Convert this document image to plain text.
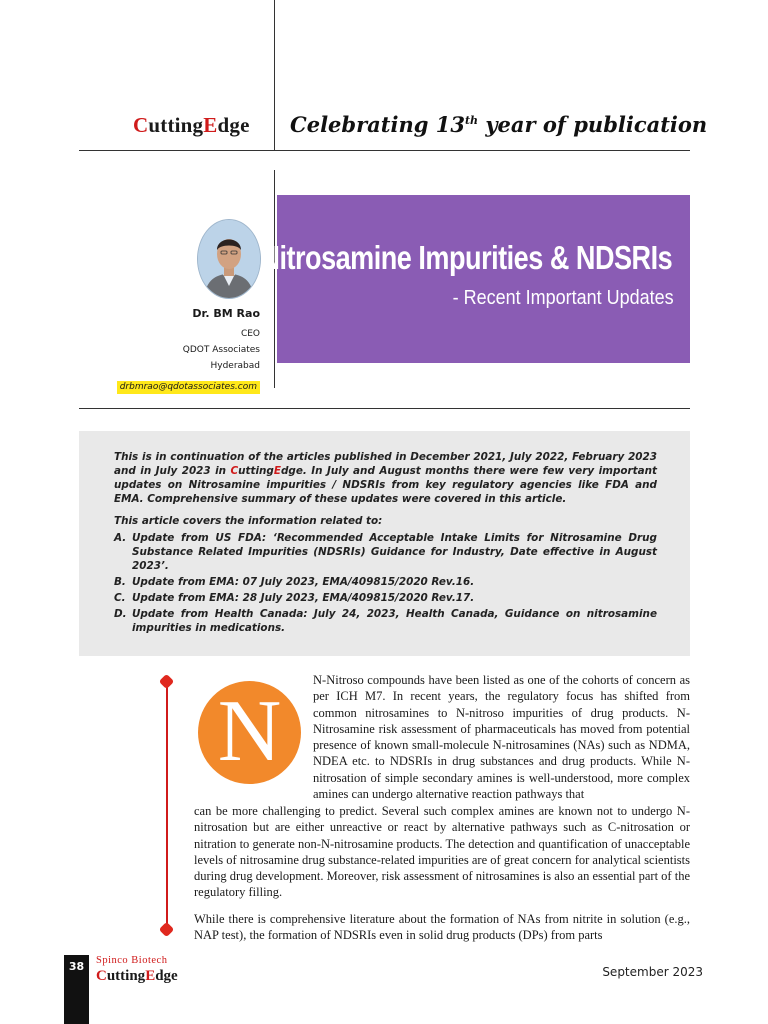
CuttingEdge Celebrating 13th year of publication
Dr. BM Rao
CEO
QDOT Associates
Hyderabad
drbmrao@qdotassociates.com
Nitrosamine Impurities & NDSRIs
- Recent Important Updates

This is in continuation of the articles published in December 2021, July 2022, February 2023 and in July 2023 in CuttingEdge. In July and August months there were few very important updates on Nitrosamine impurities / NDSRIs from key regulatory agencies like FDA and EMA. Comprehensive summary of these updates were covered in this article.

This article covers the information related to:

A. Update from US FDA: ‘Recommended Acceptable Intake Limits for Nitrosamine Drug Substance Related Impurities (NDSRIs) Guidance for Industry, Date effective in August 2023’.
B. Update from EMA: 07 July 2023, EMA/409815/2020 Rev.16.
C. Update from EMA: 28 July 2023, EMA/409815/2020 Rev.17.
D. Update from Health Canada: July 24, 2023, Health Canada, Guidance on nitrosamine impurities in medications.
N
N-Nitroso compounds have been listed as one of the cohorts of concern as per ICH M7. In recent years, the regulatory focus has shifted from common nitrosamines to N-nitroso impurities of drug products. N-Nitrosamine risk assessment of pharmaceuticals has moved from potential presence of known small-molecule N-nitrosamines (NAs) such as NDMA, NDEA etc. to NDSRIs in drug substances and drug products. While N-nitrosation of simple secondary amines is well-understood, more complex amines can undergo alternative reaction pathways that
can be more challenging to predict. Several such complex amines are known not to undergo N-nitrosation but are either unreactive or react by alternative pathways such as C-nitrosation or nitration to generate non-N-nitrosamine products. The detection and quantification of unacceptable levels of nitrosamine drug substance-related impurities are of great concern for analytical scientists during drug development. Moreover, risk assessment of nitrosamines is also an essential part of the regulatory filling.
While there is comprehensive literature about the formation of NAs from nitrite in solution (e.g., NAP test), the formation of NDSRIs even in solid drug products (DPs) from parts
38	Spinco Biotech
CuttingEdge	September 2023
